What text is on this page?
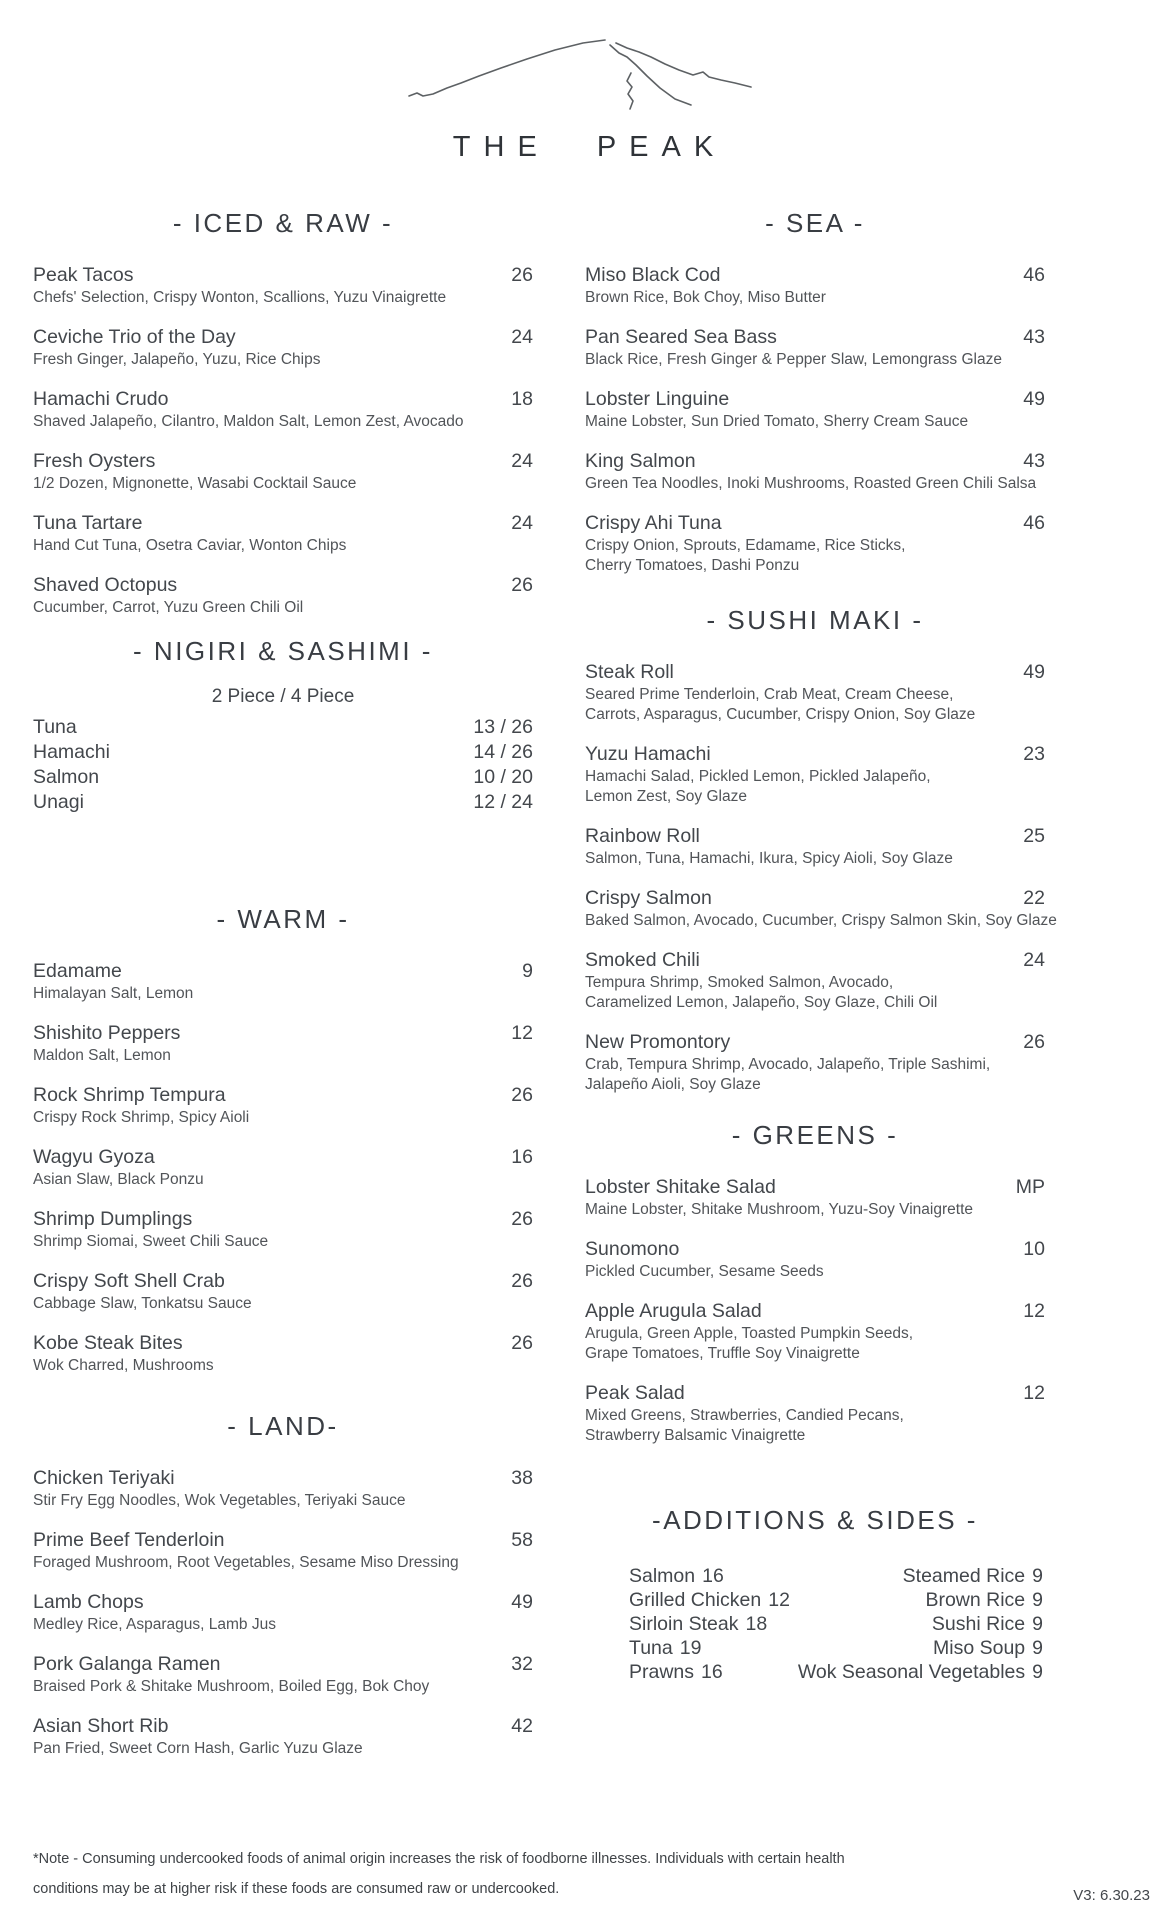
THE PEAK
- ICED & RAW -
Peak Tacos	26
Chefs' Selection, Crispy Wonton, Scallions, Yuzu Vinaigrette
Ceviche Trio of the Day	24
Fresh Ginger, Jalapeño, Yuzu, Rice Chips
Hamachi Crudo	18
Shaved Jalapeño, Cilantro, Maldon Salt, Lemon Zest, Avocado
Fresh Oysters	24
1/2 Dozen, Mignonette, Wasabi Cocktail Sauce
Tuna Tartare	24
Hand Cut Tuna, Osetra Caviar, Wonton Chips
Shaved Octopus	26
Cucumber, Carrot, Yuzu Green Chili Oil
- NIGIRI & SASHIMI -
2 Piece / 4 Piece
Tuna	13 / 26
Hamachi	14 / 26
Salmon	10 / 20
Unagi	12 / 24
- WARM -
Edamame	9
Himalayan Salt, Lemon
Shishito Peppers	12
Maldon Salt, Lemon
Rock Shrimp Tempura	26
Crispy Rock Shrimp, Spicy Aioli
Wagyu Gyoza	16
Asian Slaw, Black Ponzu
Shrimp Dumplings	26
Shrimp Siomai, Sweet Chili Sauce
Crispy Soft Shell Crab	26
Cabbage Slaw, Tonkatsu Sauce
Kobe Steak Bites	26
Wok Charred, Mushrooms
- LAND-
Chicken Teriyaki	38
Stir Fry Egg Noodles, Wok Vegetables, Teriyaki Sauce
Prime Beef Tenderloin	58
Foraged Mushroom, Root Vegetables, Sesame Miso Dressing
Lamb Chops	49
Medley Rice, Asparagus, Lamb Jus
Pork Galanga Ramen	32
Braised Pork & Shitake Mushroom, Boiled Egg, Bok Choy
Asian Short Rib	42
Pan Fried, Sweet Corn Hash, Garlic Yuzu Glaze
- SEA -
Miso Black Cod	46
Brown Rice, Bok Choy, Miso Butter
Pan Seared Sea Bass	43
Black Rice, Fresh Ginger & Pepper Slaw, Lemongrass Glaze
Lobster Linguine	49
Maine Lobster, Sun Dried Tomato, Sherry Cream Sauce
King Salmon	43
Green Tea Noodles, Inoki Mushrooms, Roasted Green Chili Salsa
Crispy Ahi Tuna	46
Crispy Onion, Sprouts, Edamame, Rice Sticks,
Cherry Tomatoes, Dashi Ponzu
- SUSHI MAKI -
Steak Roll	49
Seared Prime Tenderloin, Crab Meat, Cream Cheese,
Carrots, Asparagus, Cucumber, Crispy Onion, Soy Glaze
Yuzu Hamachi	23
Hamachi Salad, Pickled Lemon, Pickled Jalapeño,
Lemon Zest, Soy Glaze
Rainbow Roll	25
Salmon, Tuna, Hamachi, Ikura, Spicy Aioli, Soy Glaze
Crispy Salmon	22
Baked Salmon, Avocado, Cucumber, Crispy Salmon Skin, Soy Glaze
Smoked Chili	24
Tempura Shrimp, Smoked Salmon, Avocado,
Caramelized Lemon, Jalapeño, Soy Glaze, Chili Oil
New Promontory	26
Crab, Tempura Shrimp, Avocado, Jalapeño, Triple Sashimi,
Jalapeño Aioli, Soy Glaze
- GREENS -
Lobster Shitake Salad	MP
Maine Lobster, Shitake Mushroom, Yuzu-Soy Vinaigrette
Sunomono	10
Pickled Cucumber, Sesame Seeds
Apple Arugula Salad	12
Arugula, Green Apple, Toasted Pumpkin Seeds,
Grape Tomatoes, Truffle Soy Vinaigrette
Peak Salad	12
Mixed Greens, Strawberries, Candied Pecans,
Strawberry Balsamic Vinaigrette
-ADDITIONS & SIDES -
Salmon 16
Grilled Chicken 12
Sirloin Steak 18
Tuna 19
Prawns 16
Steamed Rice 9
Brown Rice 9
Sushi Rice 9
Miso Soup 9
Wok Seasonal Vegetables 9
*Note - Consuming undercooked foods of animal origin increases the risk of foodborne illnesses. Individuals with certain health
conditions may be at higher risk if these foods are consumed raw or undercooked.	V3: 6.30.23
